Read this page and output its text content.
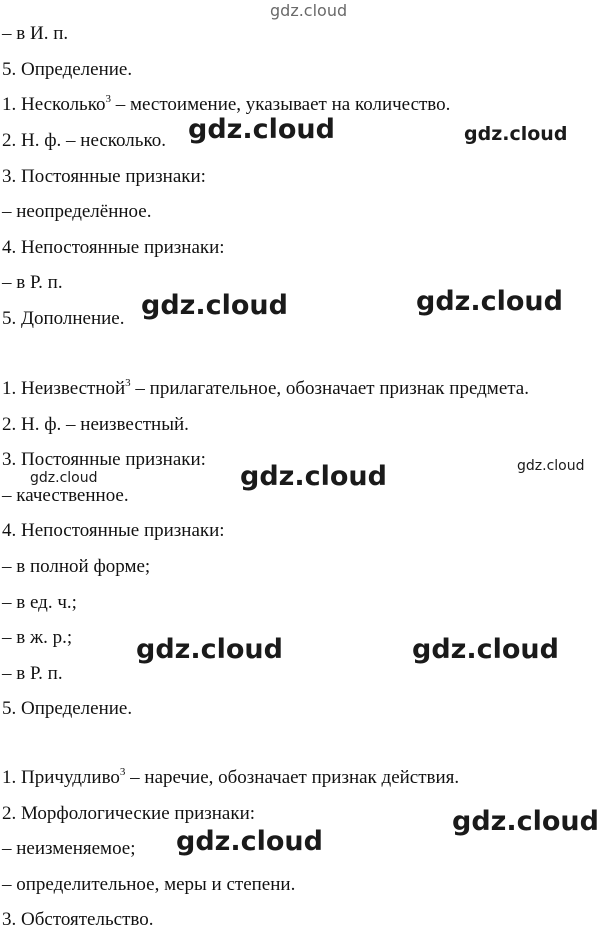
– в И. п.
5. Определение.
1. Несколько$^3$ – местоимение, указывает на количество.
2. Н. ф. – несколько.
3. Постоянные признаки:
– неопределённое.
4. Непостоянные признаки:
– в Р. п.
5. Дополнение.
1. Неизвестной$^3$ – прилагательное, обозначает признак предмета.
2. Н. ф. – неизвестный.
3. Постоянные признаки:
– качественное.
4. Непостоянные признаки:
– в полной форме;
– в ед. ч.;
– в ж. р.;
– в Р. п.
5. Определение.
1. Причудливо$^3$ – наречие, обозначает признак действия.
2. Морфологические признаки:
– неизменяемое;
– определительное, меры и степени.
3. Обстоятельство.
gdz.cloud
gdz.cloud	gdz.cloud
gdz.cloud	gdz.cloud
gdz.cloud	gdz.cloud
gdz.cloud
gdz.cloud	gdz.cloud
gdz.cloud
gdz.cloud
